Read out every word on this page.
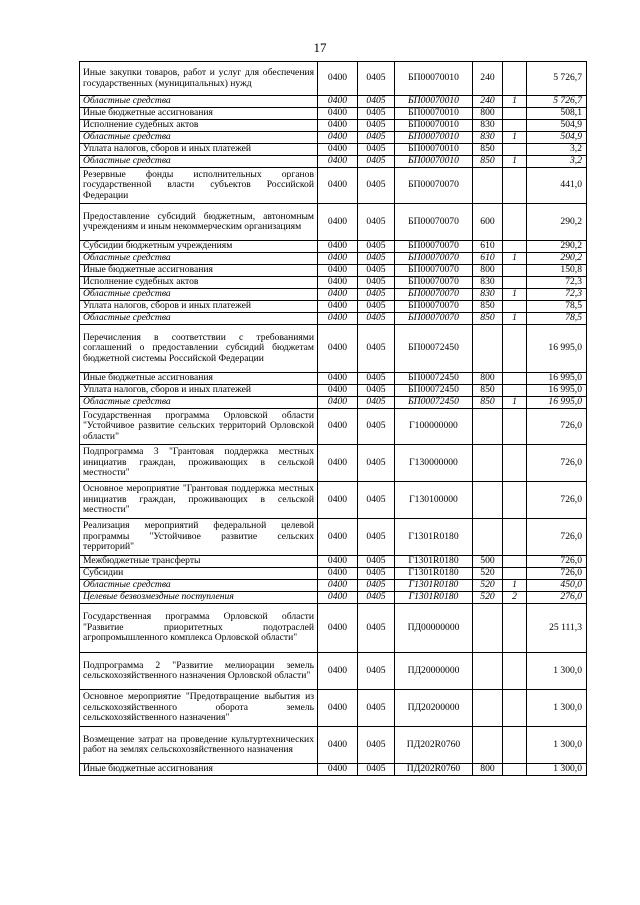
17
Иные закупки товаров, работ и услуг для обеспечения государственных (муниципальных) нужд	0400	0405	БП00070010	240		5 726,7
Областные средства	0400	0405	БП00070010	240	1	5 726,7
Иные бюджетные ассигнования	0400	0405	БП00070010	800		508,1
Исполнение судебных актов	0400	0405	БП00070010	830		504,9
Областные средства	0400	0405	БП00070010	830	1	504,9
Уплата налогов, сборов и иных платежей	0400	0405	БП00070010	850		3,2
Областные средства	0400	0405	БП00070010	850	1	3,2
Резервные фонды исполнительных органов государственной власти субъектов Российской Федерации	0400	0405	БП00070070			441,0
Предоставление субсидий бюджетным, автономным учреждениям и иным некоммерческим организациям	0400	0405	БП00070070	600		290,2
Субсидии бюджетным учреждениям	0400	0405	БП00070070	610		290,2
Областные средства	0400	0405	БП00070070	610	1	290,2
Иные бюджетные ассигнования	0400	0405	БП00070070	800		150,8
Исполнение судебных актов	0400	0405	БП00070070	830		72,3
Областные средства	0400	0405	БП00070070	830	1	72,3
Уплата налогов, сборов и иных платежей	0400	0405	БП00070070	850		78,5
Областные средства	0400	0405	БП00070070	850	1	78,5
Перечисления в соответствии с требованиями соглашений о предоставлении субсидий бюджетам бюджетной системы Российской Федерации	0400	0405	БП00072450			16 995,0
Иные бюджетные ассигнования	0400	0405	БП00072450	800		16 995,0
Уплата налогов, сборов и иных платежей	0400	0405	БП00072450	850		16 995,0
Областные средства	0400	0405	БП00072450	850	1	16 995,0
Государственная программа Орловской области "Устойчивое развитие сельских территорий Орловской области"	0400	0405	Г100000000			726,0
Подпрограмма 3 "Грантовая поддержка местных инициатив граждан, проживающих в сельской местности"	0400	0405	Г130000000			726,0
Основное мероприятие "Грантовая поддержка местных инициатив граждан, проживающих в сельской местности"	0400	0405	Г130100000			726,0
Реализация мероприятий федеральной целевой программы "Устойчивое развитие сельских территорий"	0400	0405	Г1301R0180			726,0
Межбюджетные трансферты	0400	0405	Г1301R0180	500		726,0
Субсидии	0400	0405	Г1301R0180	520		726,0
Областные средства	0400	0405	Г1301R0180	520	1	450,0
Целевые безвозмездные поступления	0400	0405	Г1301R0180	520	2	276,0
Государственная программа Орловской области "Развитие приоритетных подотраслей агропромышленного комплекса Орловской области"	0400	0405	ПД00000000			25 111,3
Подпрограмма 2 "Развитие мелиорации земель сельскохозяйственного назначения Орловской области"	0400	0405	ПД20000000			1 300,0
Основное мероприятие "Предотвращение выбытия из сельскохозяйственного оборота земель сельскохозяйственного назначения"	0400	0405	ПД20200000			1 300,0
Возмещение затрат на проведение культуртехнических работ на землях сельскохозяйственного назначения	0400	0405	ПД202R0760			1 300,0
Иные бюджетные ассигнования	0400	0405	ПД202R0760	800		1 300,0
